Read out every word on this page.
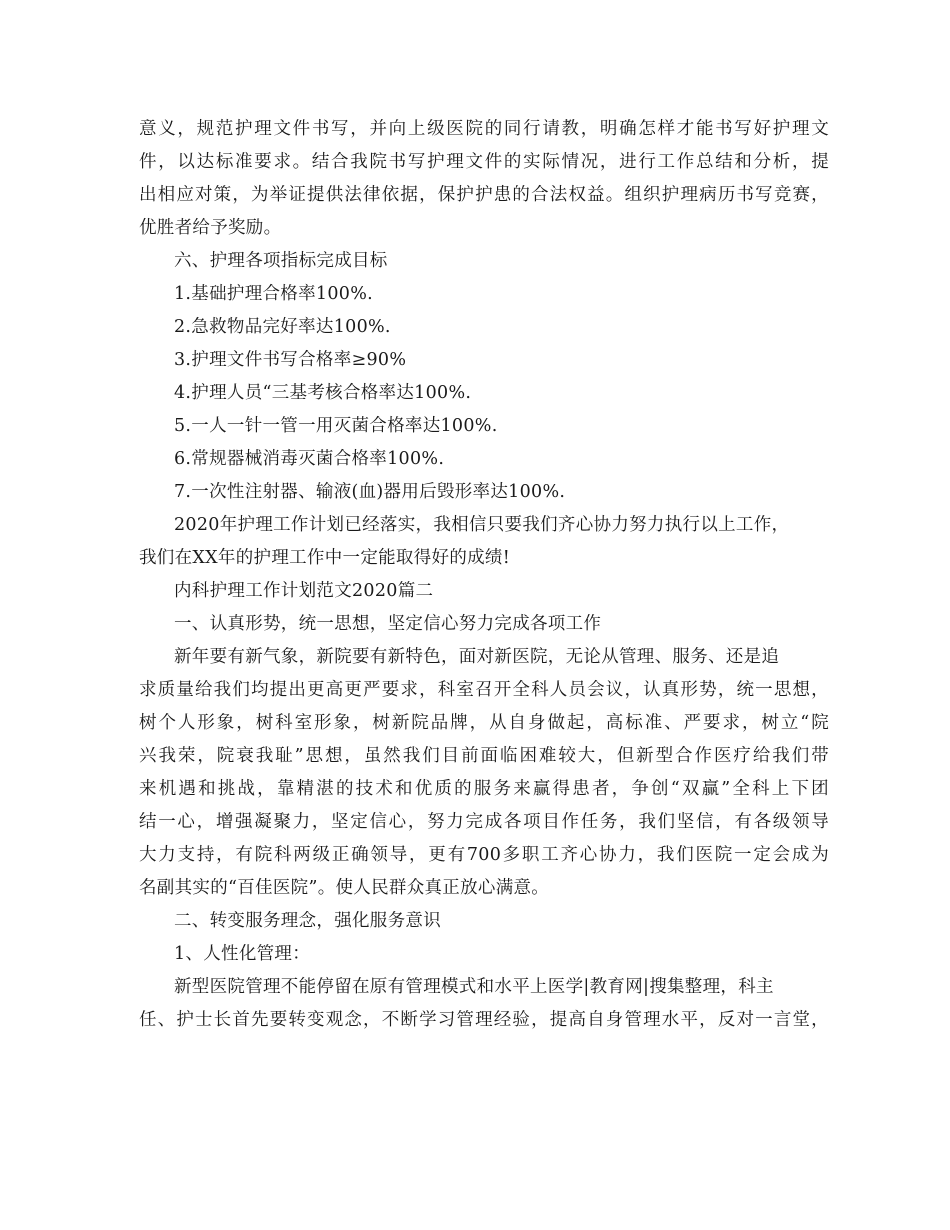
意义，规范护理文件书写，并向上级医院的同行请教，明确怎样才能书写好护理文
件，以达标准要求。结合我院书写护理文件的实际情况，进行工作总结和分析，提
出相应对策，为举证提供法律依据，保护护患的合法权益。组织护理病历书写竞赛，
优胜者给予奖励。
六、护理各项指标完成目标
1.基础护理合格率100%.
2.急救物品完好率达100%.
3.护理文件书写合格率≥90%
4.护理人员“三基考核合格率达100%.
5.一人一针一管一用灭菌合格率达100%.
6.常规器械消毒灭菌合格率100%.
7.一次性注射器、输液(血)器用后毁形率达100%.
2020年护理工作计划已经落实，我相信只要我们齐心协力努力执行以上工作，
我们在XX年的护理工作中一定能取得好的成绩!
内科护理工作计划范文2020篇二
一、认真形势，统一思想，坚定信心努力完成各项工作
新年要有新气象，新院要有新特色，面对新医院，无论从管理、服务、还是追
求质量给我们均提出更高更严要求，科室召开全科人员会议，认真形势，统一思想，
树个人形象，树科室形象，树新院品牌，从自身做起，高标准、严要求，树立“院
兴我荣，院衰我耻”思想，虽然我们目前面临困难较大，但新型合作医疗给我们带
来机遇和挑战，靠精湛的技术和优质的服务来赢得患者，争创“双赢”全科上下团
结一心，增强凝聚力，坚定信心，努力完成各项目作任务，我们坚信，有各级领导
大力支持，有院科两级正确领导，更有700多职工齐心协力，我们医院一定会成为
名副其实的“百佳医院”。使人民群众真正放心满意。
二、转变服务理念，强化服务意识
1、人性化管理：
新型医院管理不能停留在原有管理模式和水平上医学|教育网|搜集整理，科主
任、护士长首先要转变观念，不断学习管理经验，提高自身管理水平，反对一言堂，
